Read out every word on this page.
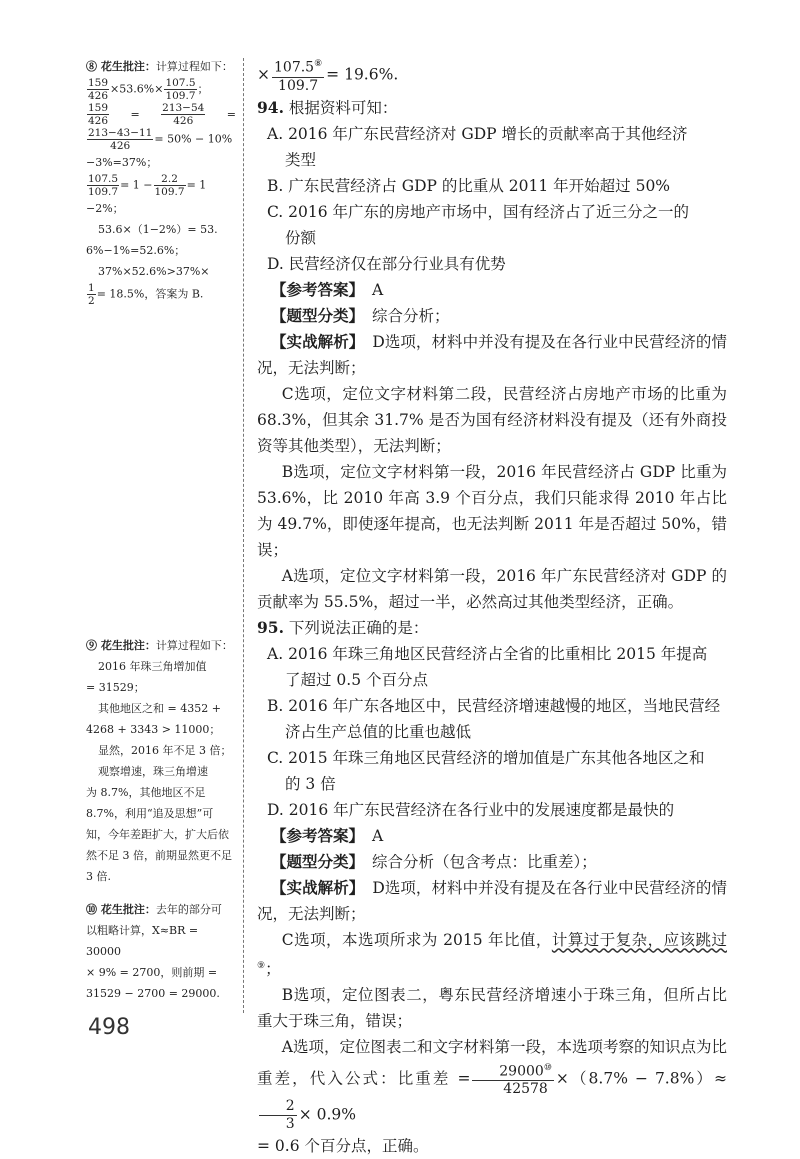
⑧ 花生批注：计算过程如下：

$\frac{159}{426} \times 53.6\%\times \frac{107.5}{109.7}$ ；

$\frac{159}{426} = \frac{213-54}{426}$ =

$\frac{213-43-11}{426} = 50\% - 10\%$

−3%=37%；

$\frac{107.5}{109.7} = 1 - \frac{2.2}{109.7} = 1$

−2%；

53.6×（1−2%）= 53.

6%−1%=52.6%；

37%×52.6%>37%×

$\frac{1}{2} = 18.5\%$，答案为 B.

⑨ 花生批注：计算过程如下：

2016 年珠三角增加值

= 31529；

其他地区之和 = 4352 +

4268 + 3343 > 11000；

显然，2016 年不足 3 倍；

观察增速，珠三角增速

为 8.7%，其他地区不足

8.7%，利用“追及思想”可

知，今年差距扩大，扩大后依

然不足 3 倍，前期显然更不足

3 倍.

⑩ 花生批注：去年的部分可

以粗略计算，X≈BR = 30000

× 9% = 2700，则前期 =

31529 − 2700 = 29000.

× $\frac{107.5^⑧}{109.7} = 19.6\%$.

94. 根据资料可知：

A. 2016 年广东民营经济对 GDP 增长的贡献率高于其他经济
类型

B. 广东民营经济占 GDP 的比重从 2011 年开始超过 50%

C. 2016 年广东的房地产市场中，国有经济占了近三分之一的
份额

D. 民营经济仅在部分行业具有优势

【参考答案】 A

【题型分类】 综合分析；

【实战解析】 D选项，材料中并没有提及在各行业中民营经济的情况，无法判断；

C选项，定位文字材料第二段，民营经济占房地产市场的比重为 68.3%，但其余 31.7% 是否为国有经济材料没有提及（还有外商投资等其他类型），无法判断；

B选项，定位文字材料第一段，2016 年民营经济占 GDP 比重为 53.6%，比 2010 年高 3.9 个百分点，我们只能求得 2010 年占比为 49.7%，即使逐年提高，也无法判断 2011 年是否超过 50%，错误；

A选项，定位文字材料第一段，2016 年广东民营经济对 GDP 的贡献率为 55.5%，超过一半，必然高过其他类型经济，正确。

95. 下列说法正确的是：

A. 2016 年珠三角地区民营经济占全省的比重相比 2015 年提高
了超过 0.5 个百分点

B. 2016 年广东各地区中，民营经济增速越慢的地区，当地民营经
济占生产总值的比重也越低

C. 2015 年珠三角地区民营经济的增加值是广东其他各地区之和
的 3 倍

D. 2016 年广东民营经济在各行业中的发展速度都是最快的

【参考答案】 A

【题型分类】 综合分析（包含考点：比重差）；

【实战解析】 D选项，材料中并没有提及在各行业中民营经济的情况，无法判断；

C选项，本选项所求为 2015 年比值，计算过于复杂，应该跳过⑨；

B选项，定位图表二，粤东民营经济增速小于珠三角，但所占比重大于珠三角，错误；

A选项，定位图表二和文字材料第一段，本选项考察的知识点为比重差，代入公式：比重差 = $\frac{29000^⑩}{42578} \times(8.7\% - 7.8\%)\approx$
$\frac{2}{3} \times 0.9\%$

= 0.6 个百分点，正确。

498
